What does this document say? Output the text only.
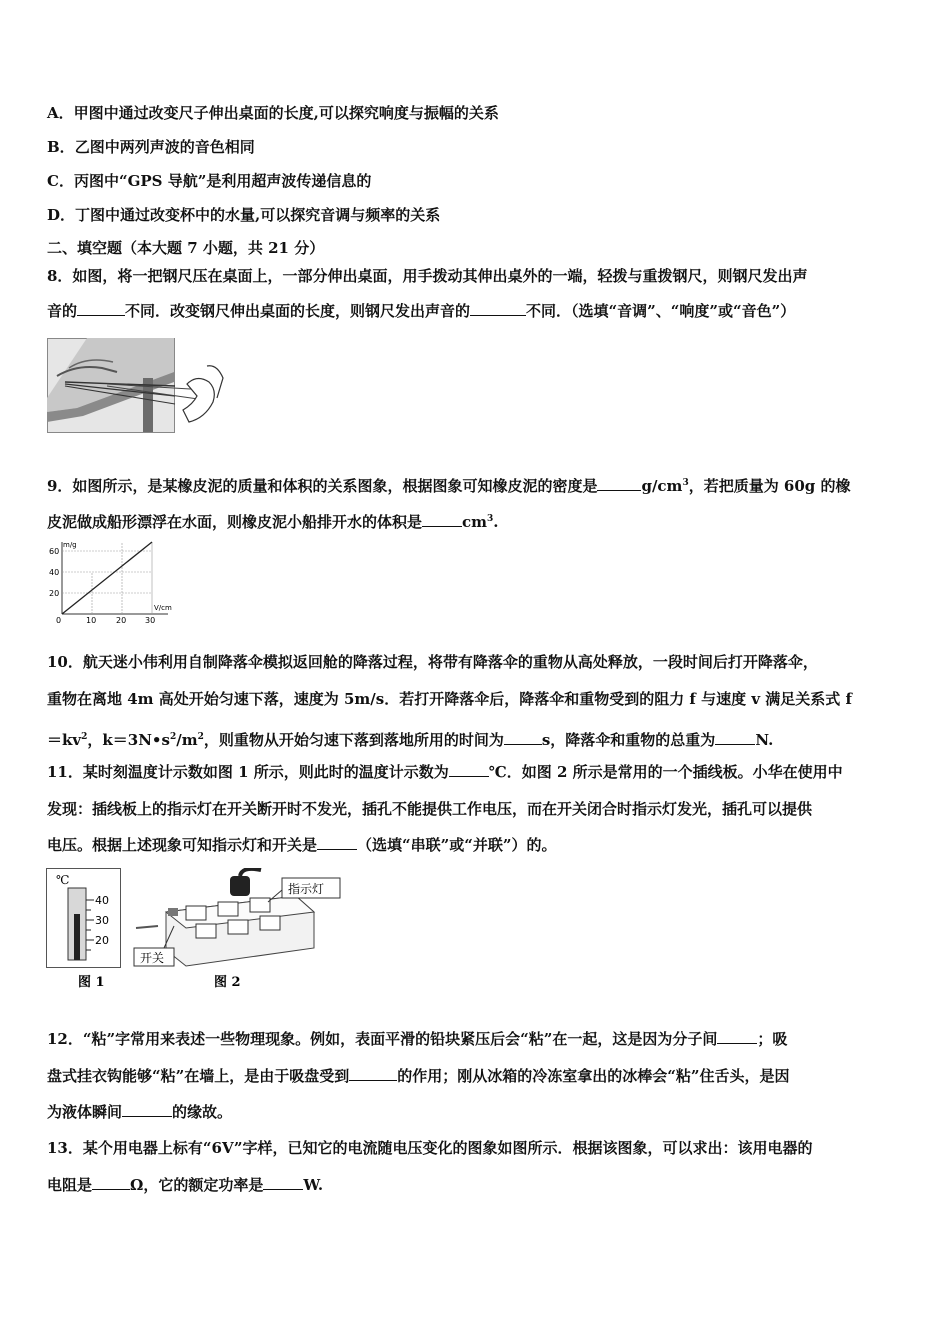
A．甲图中通过改变尺子伸出桌面的长度,可以探究响度与振幅的关系
B．乙图中两列声波的音色相同
C．丙图中“GPS 导航”是利用超声波传递信息的
D．丁图中通过改变杯中的水量,可以探究音调与频率的关系
二、填空题（本大题 7 小题，共 21 分）
8．如图，将一把钢尺压在桌面上，一部分伸出桌面，用手拨动其伸出桌外的一端，轻拨与重拨钢尺，则钢尺发出声
音的	不同．改变钢尺伸出桌面的长度，则钢尺发出声音的	不同．（选填“音调”、“响度”或“音色”）
9．如图所示，是某橡皮泥的质量和体积的关系图象，根据图象可知橡皮泥的密度是	$g/cm^3$，若把质量为 60g 的橡
皮泥做成船形漂浮在水面，则橡皮泥小船排开水的体积是	$cm^3$.
m/g
V/cm
60
40
20
0	10 20 30
10．航天迷小伟利用自制降落伞模拟返回舱的降落过程，将带有降落伞的重物从高处释放，一段时间后打开降落伞，
重物在离地 4m 高处开始匀速下落，速度为 5m/s．若打开降落伞后，降落伞和重物受到的阻力 f 与速度 v 满足关系式 f
$=kv^2$，$k=3N•s^2/m^2$，则重物从开始匀速下落到落地所用的时间为	s，降落伞和重物的总重为	N.
11．某时刻温度计示数如图 1 所示，则此时的温度计示数为	℃．如图 2 所示是常用的一个插线板。小华在使用中
发现：插线板上的指示灯在开关断开时不发光，插孔不能提供工作电压，而在开关闭合时指示灯发光，插孔可以提供
电压。根据上述现象可知指示灯和开关是	（选填“串联”或“并联”）的。
℃
40
30
20
图 1
指示灯
开关
图 2
12．“粘”字常用来表述一些物理现象。例如，表面平滑的铅块紧压后会“粘”在一起，这是因为分子间	；吸
盘式挂衣钩能够“粘”在墙上，是由于吸盘受到	的作用；刚从冰箱的冷冻室拿出的冰棒会“粘”住舌头，是因
为液体瞬间	的缘故。
13．某个用电器上标有“6V”字样，已知它的电流随电压变化的图象如图所示．根据该图象，可以求出：该用电器的
电阻是	Ω，它的额定功率是	W.
